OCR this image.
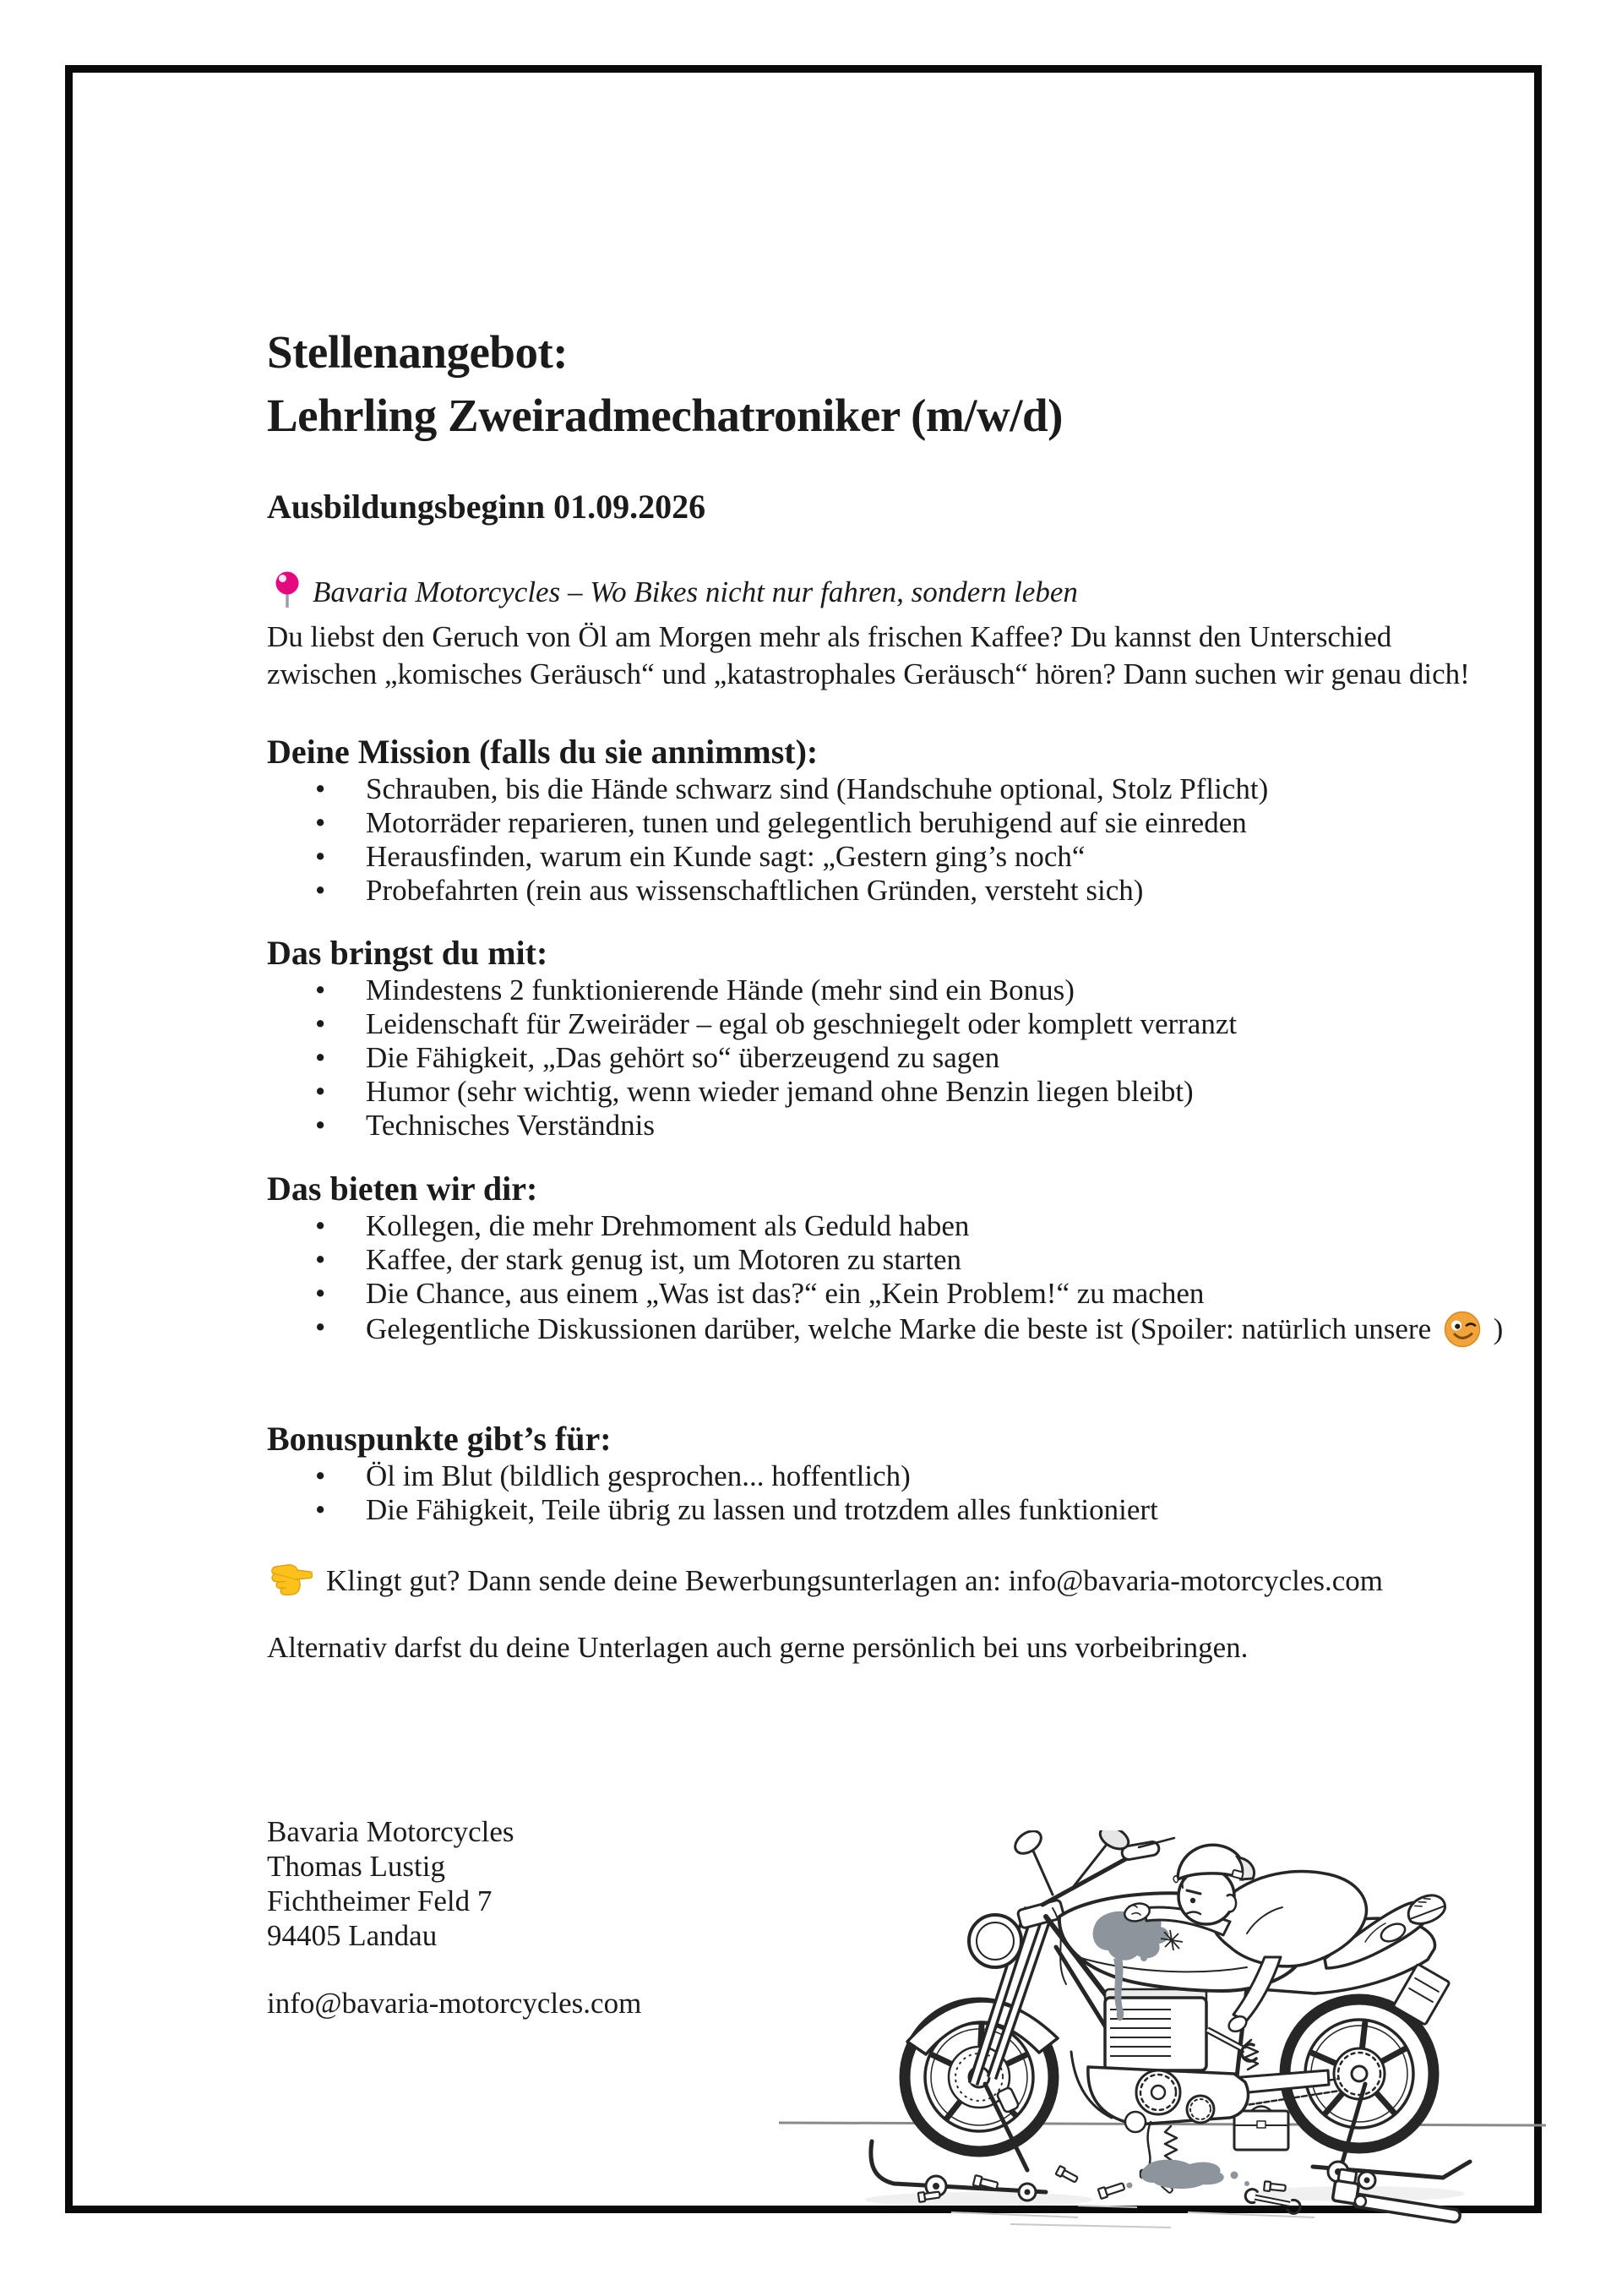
Stellenangebot:
Lehrling Zweiradmechatroniker (m/w/d)
Ausbildungsbeginn 01.09.2026
Bavaria Motorcycles – Wo Bikes nicht nur fahren, sondern leben
Du liebst den Geruch von Öl am Morgen mehr als frischen Kaffee? Du kannst den Unterschied zwischen „komisches Geräusch“ und „katastrophales Geräusch“ hören? Dann suchen wir genau dich!
Deine Mission (falls du sie annimmst):
• Schrauben, bis die Hände schwarz sind (Handschuhe optional, Stolz Pflicht)
• Motorräder reparieren, tunen und gelegentlich beruhigend auf sie einreden
• Herausfinden, warum ein Kunde sagt: „Gestern ging’s noch“
• Probefahrten (rein aus wissenschaftlichen Gründen, versteht sich)
Das bringst du mit:
• Mindestens 2 funktionierende Hände (mehr sind ein Bonus)
• Leidenschaft für Zweiräder – egal ob geschniegelt oder komplett verranzt
• Die Fähigkeit, „Das gehört so“ überzeugend zu sagen
• Humor (sehr wichtig, wenn wieder jemand ohne Benzin liegen bleibt)
• Technisches Verständnis
Das bieten wir dir:
• Kollegen, die mehr Drehmoment als Geduld haben
• Kaffee, der stark genug ist, um Motoren zu starten
• Die Chance, aus einem „Was ist das?“ ein „Kein Problem!“ zu machen
• Gelegentliche Diskussionen darüber, welche Marke die beste ist (Spoiler: natürlich unsere  )
Bonuspunkte gibt’s für:
• Öl im Blut (bildlich gesprochen... hoffentlich)
• Die Fähigkeit, Teile übrig zu lassen und trotzdem alles funktioniert
Klingt gut? Dann sende deine Bewerbungsunterlagen an: info@bavaria-motorcycles.com
Alternativ darfst du deine Unterlagen auch gerne persönlich bei uns vorbeibringen.
Bavaria Motorcycles
Thomas Lustig
Fichtheimer Feld 7
94405 Landau
info@bavaria-motorcycles.com
